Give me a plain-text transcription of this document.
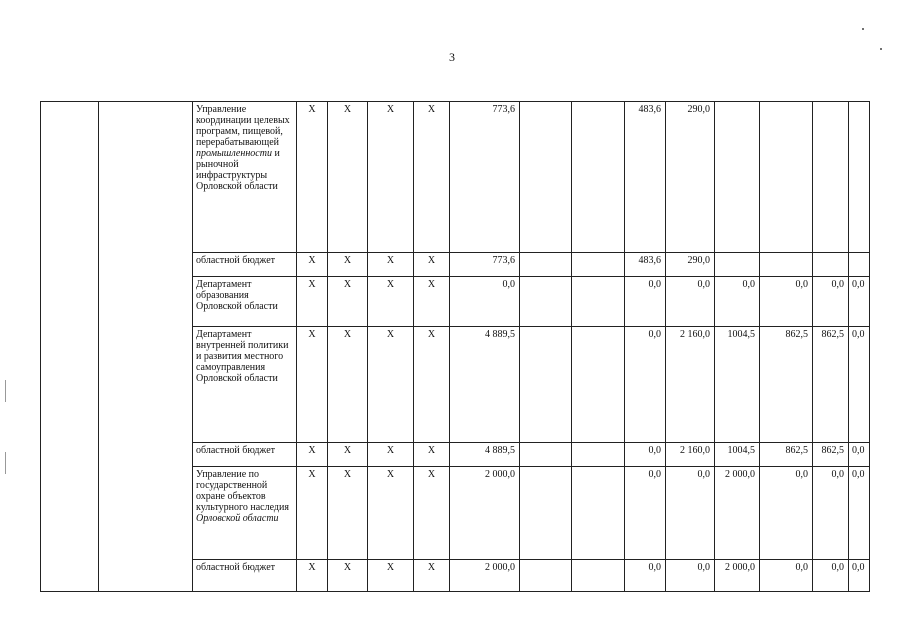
3
		Управление координации целевых программ, пищевой, перерабатывающей промышленности и рыночной инфраструктуры Орловской области	X	X	X	X	773,6			483,6	290,0				
		областной бюджет	X	X	X	X	773,6			483,6	290,0				
		Департамент образования Орловской области	X	X	X	X	0,0			0,0	0,0	0,0	0,0	0,0	0,0
		Департамент внутренней политики и развития местного самоуправления Орловской области	X	X	X	X	4 889,5			0,0	2 160,0	1004,5	862,5	862,5	0,0
		областной бюджет	X	X	X	X	4 889,5			0,0	2 160,0	1004,5	862,5	862,5	0,0
		Управление по государственной охране объектов культурного наследия Орловской области	X	X	X	X	2 000,0			0,0	0,0	2 000,0	0,0	0,0	0,0
		областной бюджет	X	X	X	X	2 000,0			0,0	0,0	2 000,0	0,0	0,0	0,0
